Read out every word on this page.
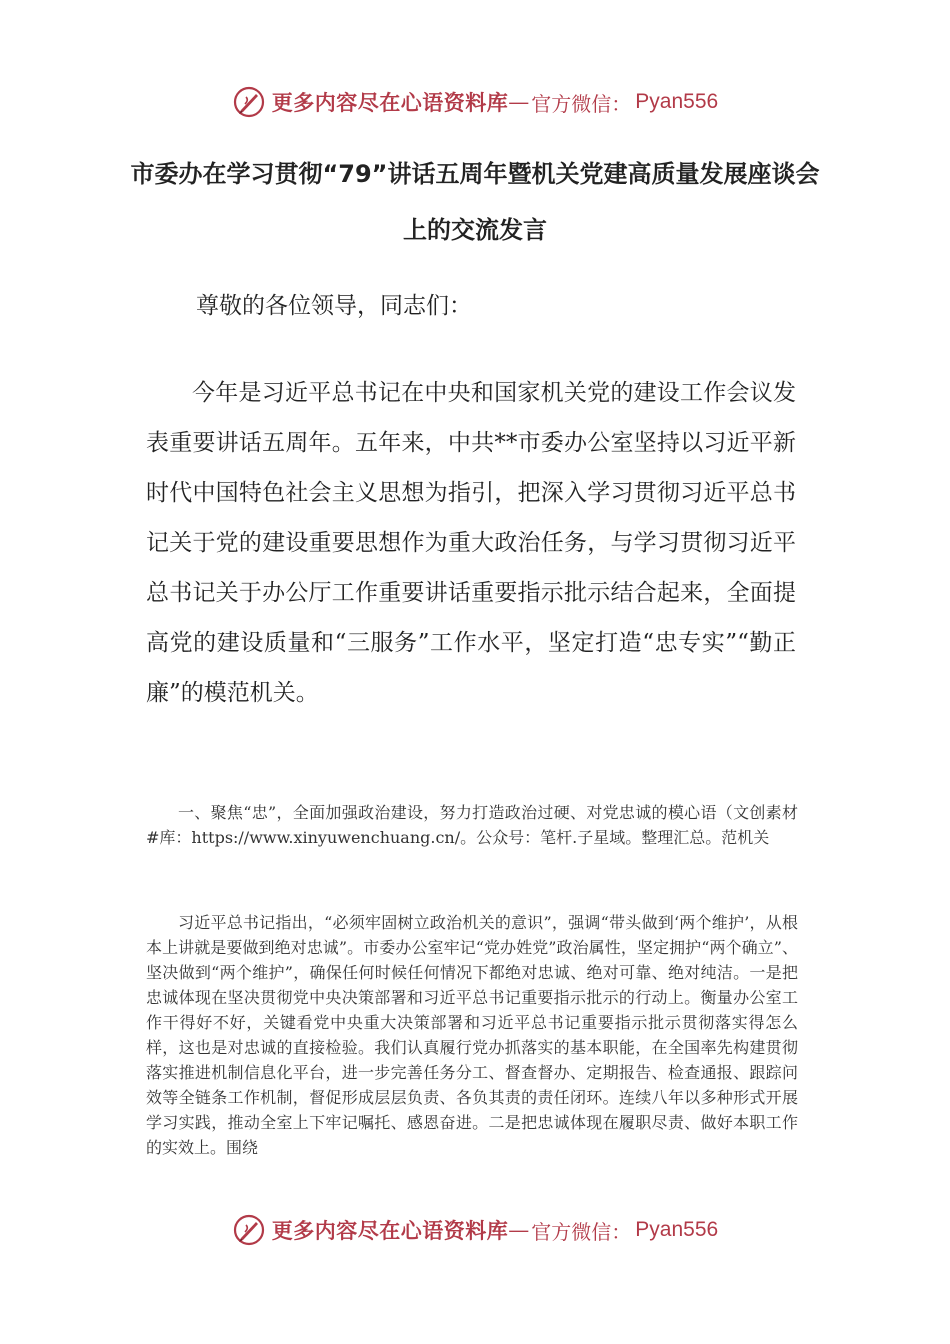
更多内容尽在心语资料库 — 官方微信： Pyan556
市委办在学习贯彻“79”讲话五周年暨机关党建高质量发展座谈会上的交流发言
尊敬的各位领导，同志们：

今年是习近平总书记在中央和国家机关党的建设工作会议发表重要讲话五周年。五年来，中共**市委办公室坚持以习近平新时代中国特色社会主义思想为指引，把深入学习贯彻习近平总书记关于党的建设重要思想作为重大政治任务，与学习贯彻习近平总书记关于办公厅工作重要讲话重要指示批示结合起来，全面提高党的建设质量和“三服务”工作水平，坚定打造“忠专实”“勤正廉”的模范机关。

一、聚焦“忠”，全面加强政治建设，努力打造政治过硬、对党忠诚的模心语（文创素材#库：https://www.xinyuwenchuang.cn/。公众号：笔杆.子星域。整理汇总。范机关

习近平总书记指出，“必须牢固树立政治机关的意识”，强调“带头做到‘两个维护’，从根本上讲就是要做到绝对忠诚”。市委办公室牢记“党办姓党”政治属性，坚定拥护“两个确立”、坚决做到“两个维护”，确保任何时候任何情况下都绝对忠诚、绝对可靠、绝对纯洁。一是把忠诚体现在坚决贯彻党中央决策部署和习近平总书记重要指示批示的行动上。衡量办公室工作干得好不好，关键看党中央重大决策部署和习近平总书记重要指示批示贯彻落实得怎么样，这也是对忠诚的直接检验。我们认真履行党办抓落实的基本职能，在全国率先构建贯彻落实推进机制信息化平台，进一步完善任务分工、督查督办、定期报告、检查通报、跟踪问效等全链条工作机制，督促形成层层负责、各负其责的责任闭环。连续八年以多种形式开展学习实践，推动全室上下牢记嘱托、感恩奋进。二是把忠诚体现在履职尽责、做好本职工作的实效上。围绕

更多内容尽在心语资料库 — 官方微信： Pyan556
